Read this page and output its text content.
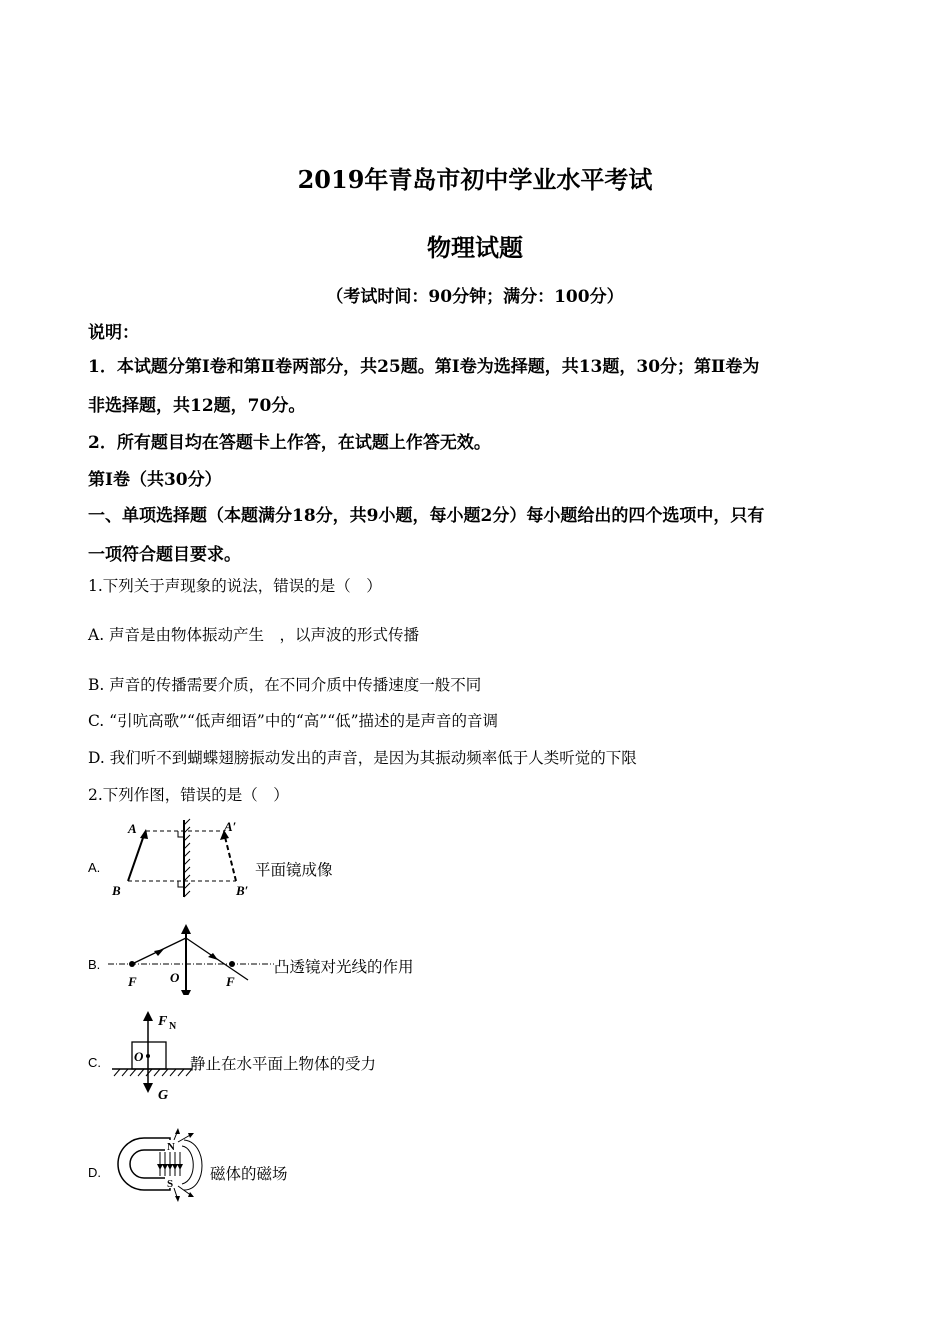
2019年青岛市初中学业水平考试
物理试题
（考试时间：90分钟；满分：100分）
说明：
1．本试题分第Ⅰ卷和第Ⅱ卷两部分，共25题。第Ⅰ卷为选择题，共13题，30分；第Ⅱ卷为
非选择题，共12题，70分。
2．所有题目均在答题卡上作答，在试题上作答无效。
第Ⅰ卷（共30分）
一、单项选择题（本题满分18分，共9小题，每小题2分）每小题给出的四个选项中，只有
一项符合题目要求。
1.下列关于声现象的说法，错误的是（　）
A. 声音是由物体振动产生　，以声波的形式传播
B. 声音的传播需要介质，在不同介质中传播速度一般不同
C. “引吭高歌”“低声细语”中的“高”“低”描述的是声音的音调
D. 我们听不到蝴蝶翅膀振动发出的声音，是因为其振动频率低于人类听觉的下限
2.下列作图，错误的是（　）
A.
A	A′
B	B′
平面镜成像
B.
F	O	F
凸透镜对光线的作用
C.
F N
O
G
静止在水平面上物体的受力
D.
N
S
磁体的磁场
